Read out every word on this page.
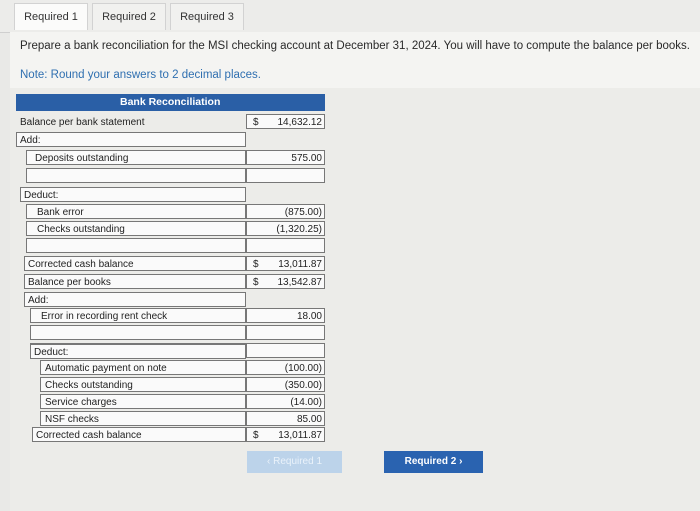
Required 1	Required 2	Required 3

Prepare a bank reconciliation for the MSI checking account at December 31, 2024. You will have to compute the balance per books.

Note: Round your answers to 2 decimal places.

Bank Reconciliation
Balance per bank statement	$ 14,632.12
Add:
Deposits outstanding	575.00
Deduct:
Bank error	(875.00)
Checks outstanding	(1,320.25)
Corrected cash balance	$ 13,011.87
Balance per books	$ 13,542.87
Add:
Error in recording rent check	18.00
Deduct:
Automatic payment on note	(100.00)
Checks outstanding	(350.00)
Service charges	(14.00)
NSF checks	85.00
Corrected cash balance	$ 13,011.87
‹ Required 1	Required 2 ›
